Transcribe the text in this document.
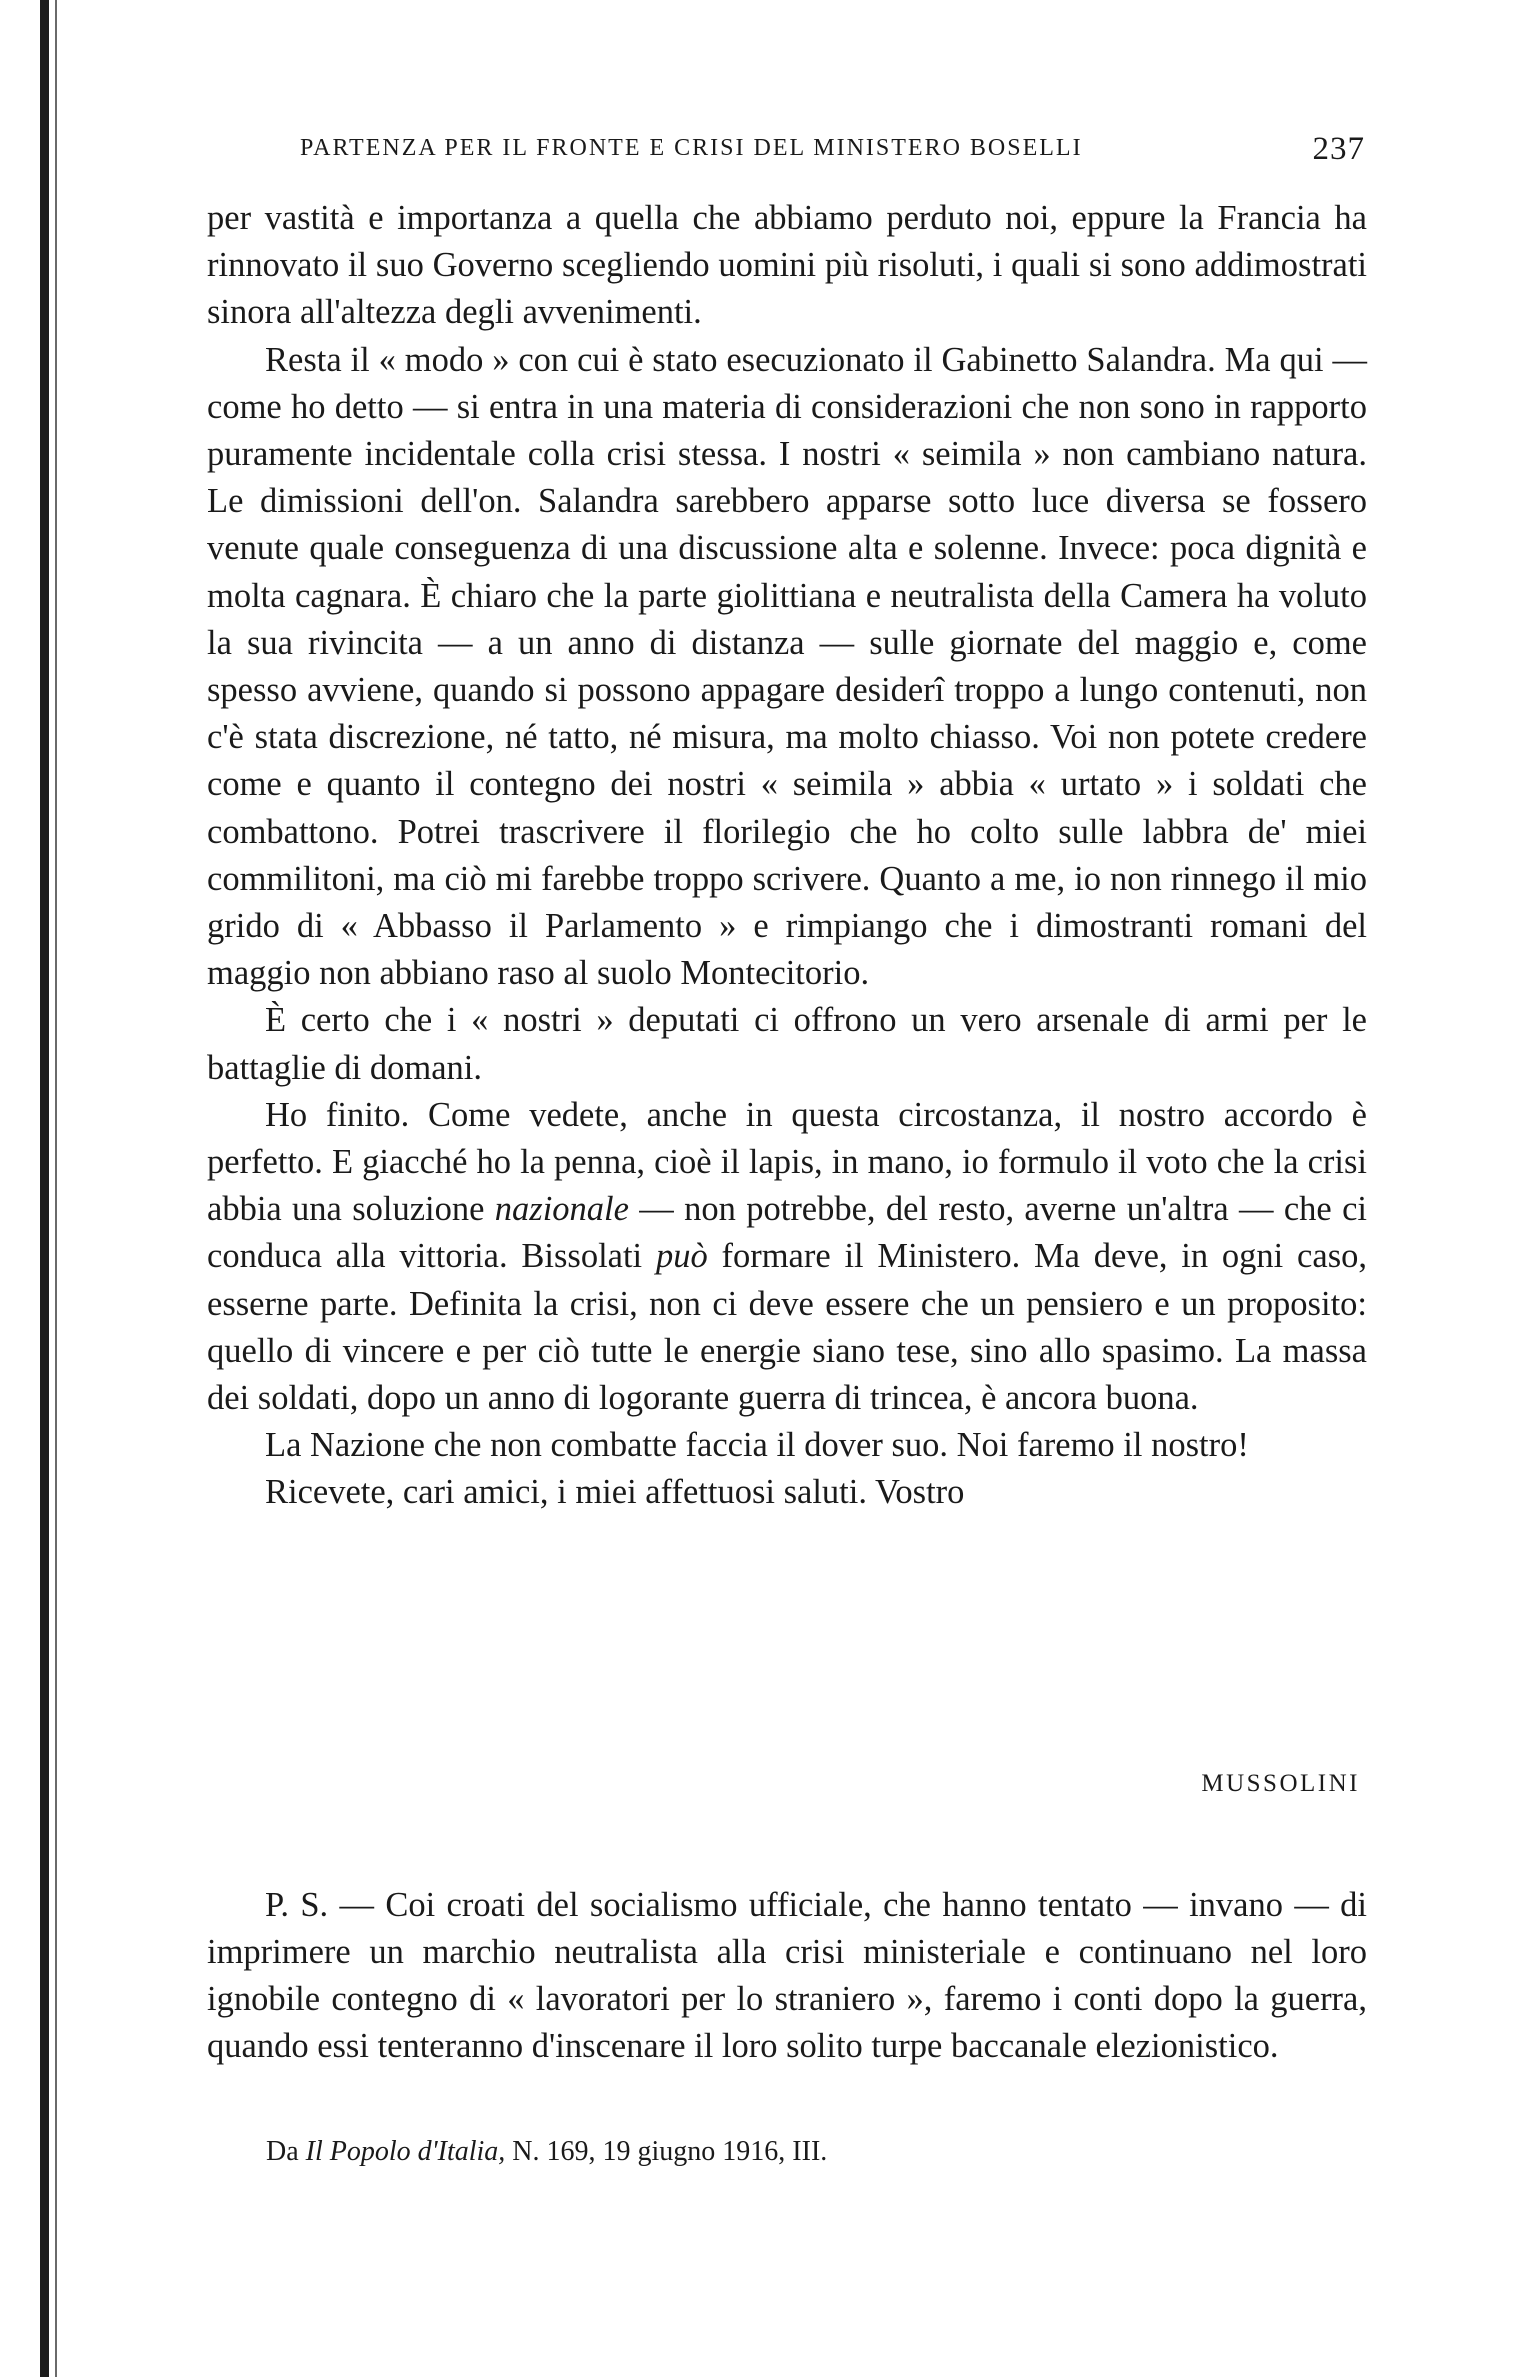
PARTENZA PER IL FRONTE E CRISI DEL MINISTERO BOSELLI	237

per vastità e importanza a quella che abbiamo perduto noi, eppure la Francia ha rinnovato il suo Governo scegliendo uomini più risoluti, i quali si sono addimostrati sinora all'altezza degli avvenimenti.

Resta il « modo » con cui è stato esecuzionato il Gabinetto Salandra. Ma qui — come ho detto — si entra in una materia di considerazioni che non sono in rapporto puramente incidentale colla crisi stessa. I nostri « seimila » non cambiano natura. Le dimissioni dell'on. Salandra sarebbero apparse sotto luce diversa se fossero venute quale conseguenza di una discussione alta e solenne. Invece: poca dignità e molta cagnara. È chiaro che la parte giolittiana e neutralista della Camera ha voluto la sua rivincita — a un anno di distanza — sulle giornate del maggio e, come spesso avviene, quando si possono appagare desiderî troppo a lungo contenuti, non c'è stata discrezione, né tatto, né misura, ma molto chiasso. Voi non potete credere come e quanto il contegno dei nostri « seimila » abbia « urtato » i soldati che combattono. Potrei trascrivere il florilegio che ho colto sulle labbra de' miei commilitoni, ma ciò mi farebbe troppo scrivere. Quanto a me, io non rinnego il mio grido di « Abbasso il Parlamento » e rimpiango che i dimostranti romani del maggio non abbiano raso al suolo Montecitorio.

È certo che i « nostri » deputati ci offrono un vero arsenale di armi per le battaglie di domani.

Ho finito. Come vedete, anche in questa circostanza, il nostro accordo è perfetto. E giacché ho la penna, cioè il lapis, in mano, io formulo il voto che la crisi abbia una soluzione nazionale — non potrebbe, del resto, averne un'altra — che ci conduca alla vittoria. Bissolati può formare il Ministero. Ma deve, in ogni caso, esserne parte. Definita la crisi, non ci deve essere che un pensiero e un proposito: quello di vincere e per ciò tutte le energie siano tese, sino allo spasimo. La massa dei soldati, dopo un anno di logorante guerra di trincea, è ancora buona.

La Nazione che non combatte faccia il dover suo. Noi faremo il nostro!

Ricevete, cari amici, i miei affettuosi saluti. Vostro

MUSSOLINI

P. S. — Coi croati del socialismo ufficiale, che hanno tentato — invano — di imprimere un marchio neutralista alla crisi ministeriale e continuano nel loro ignobile contegno di « lavoratori per lo straniero », faremo i conti dopo la guerra, quando essi tenteranno d'inscenare il loro solito turpe baccanale elezionistico.

Da Il Popolo d'Italia, N. 169, 19 giugno 1916, III.
